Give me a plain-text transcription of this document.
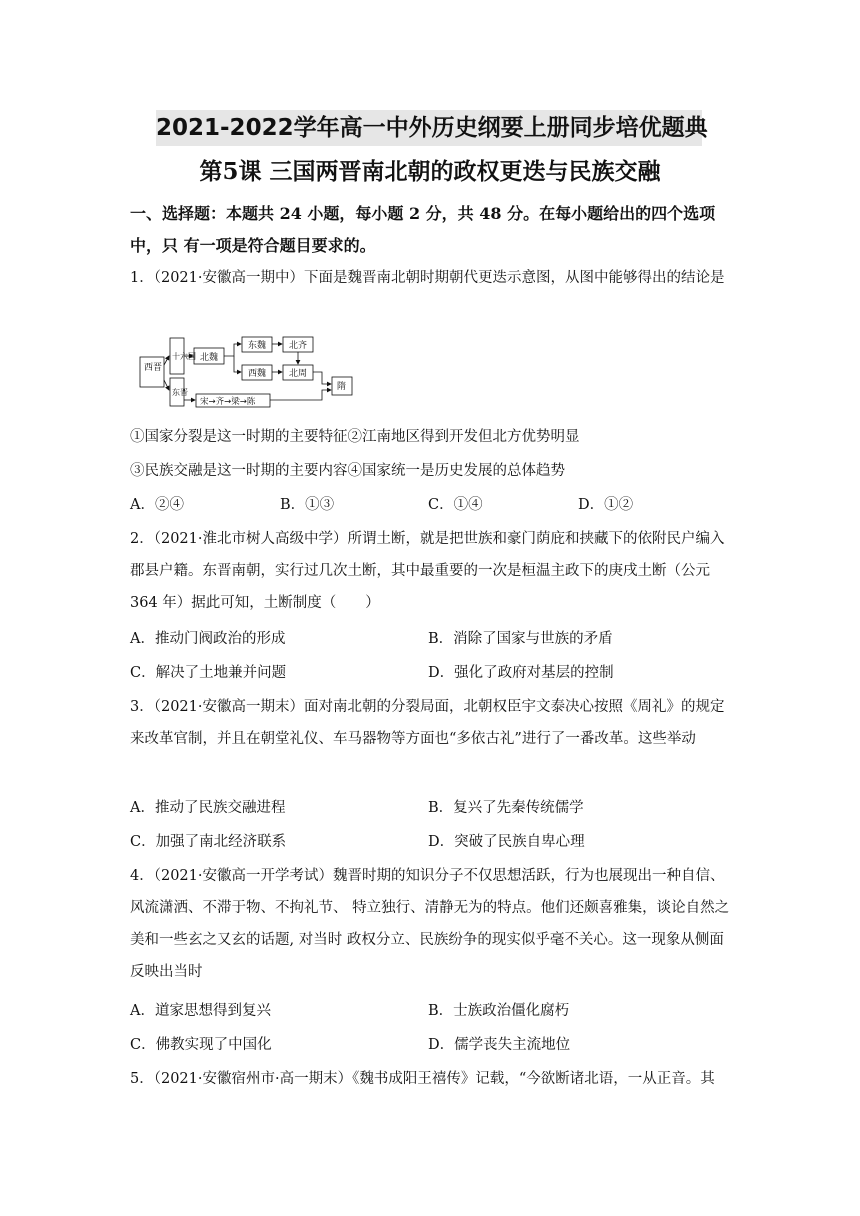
2021-2022学年高一中外历史纲要上册同步培优题典
第5课 三国两晋南北朝的政权更迭与民族交融
一、选择题：本题共 24 小题，每小题 2 分，共 48 分。在每小题给出的四个选项中，只 有一项是符合题目要求的。
1．（2021·安徽高一期中）下面是魏晋南北朝时期朝代更迭示意图，从图中能够得出的结论是
西晋
十六国
东晋
北魏
东魏	北齐
西魏	北周
宋→齐→梁→陈
隋
①国家分裂是这一时期的主要特征②江南地区得到开发但北方优势明显
③民族交融是这一时期的主要内容④国家统一是历史发展的总体趋势
A．②④	B．①③	C．①④	D．①②
2．（2021·淮北市树人高级中学）所谓土断，就是把世族和豪门荫庇和挟藏下的依附民户编入郡县户籍。东晋南朝，实行过几次土断，其中最重要的一次是桓温主政下的庚戌土断（公元 364 年）据此可知，土断制度（　　）
A．推动门阀政治的形成	B．消除了国家与世族的矛盾
C．解决了土地兼并问题	D．强化了政府对基层的控制
3．（2021·安徽高一期末）面对南北朝的分裂局面，北朝权臣宇文泰决心按照《周礼》的规定来改革官制，并且在朝堂礼仪、车马器物等方面也“多依古礼”进行了一番改革。这些举动
A．推动了民族交融进程	B．复兴了先秦传统儒学
C．加强了南北经济联系	D．突破了民族自卑心理
4．（2021·安徽高一开学考试）魏晋时期的知识分子不仅思想活跃，行为也展现出一种自信、风流潇洒、不滞于物、不拘礼节、 特立独行、清静无为的特点。他们还颇喜雅集，谈论自然之美和一些玄之又玄的话题, 对当时 政权分立、民族纷争的现实似乎毫不关心。这一现象从侧面反映出当时
A．道家思想得到复兴	B．士族政治僵化腐朽
C．佛教实现了中国化	D．儒学丧失主流地位
5．（2021·安徽宿州市·高一期末）《魏书成阳王禧传》记载，“今欲断诸北语，一从正音。其
